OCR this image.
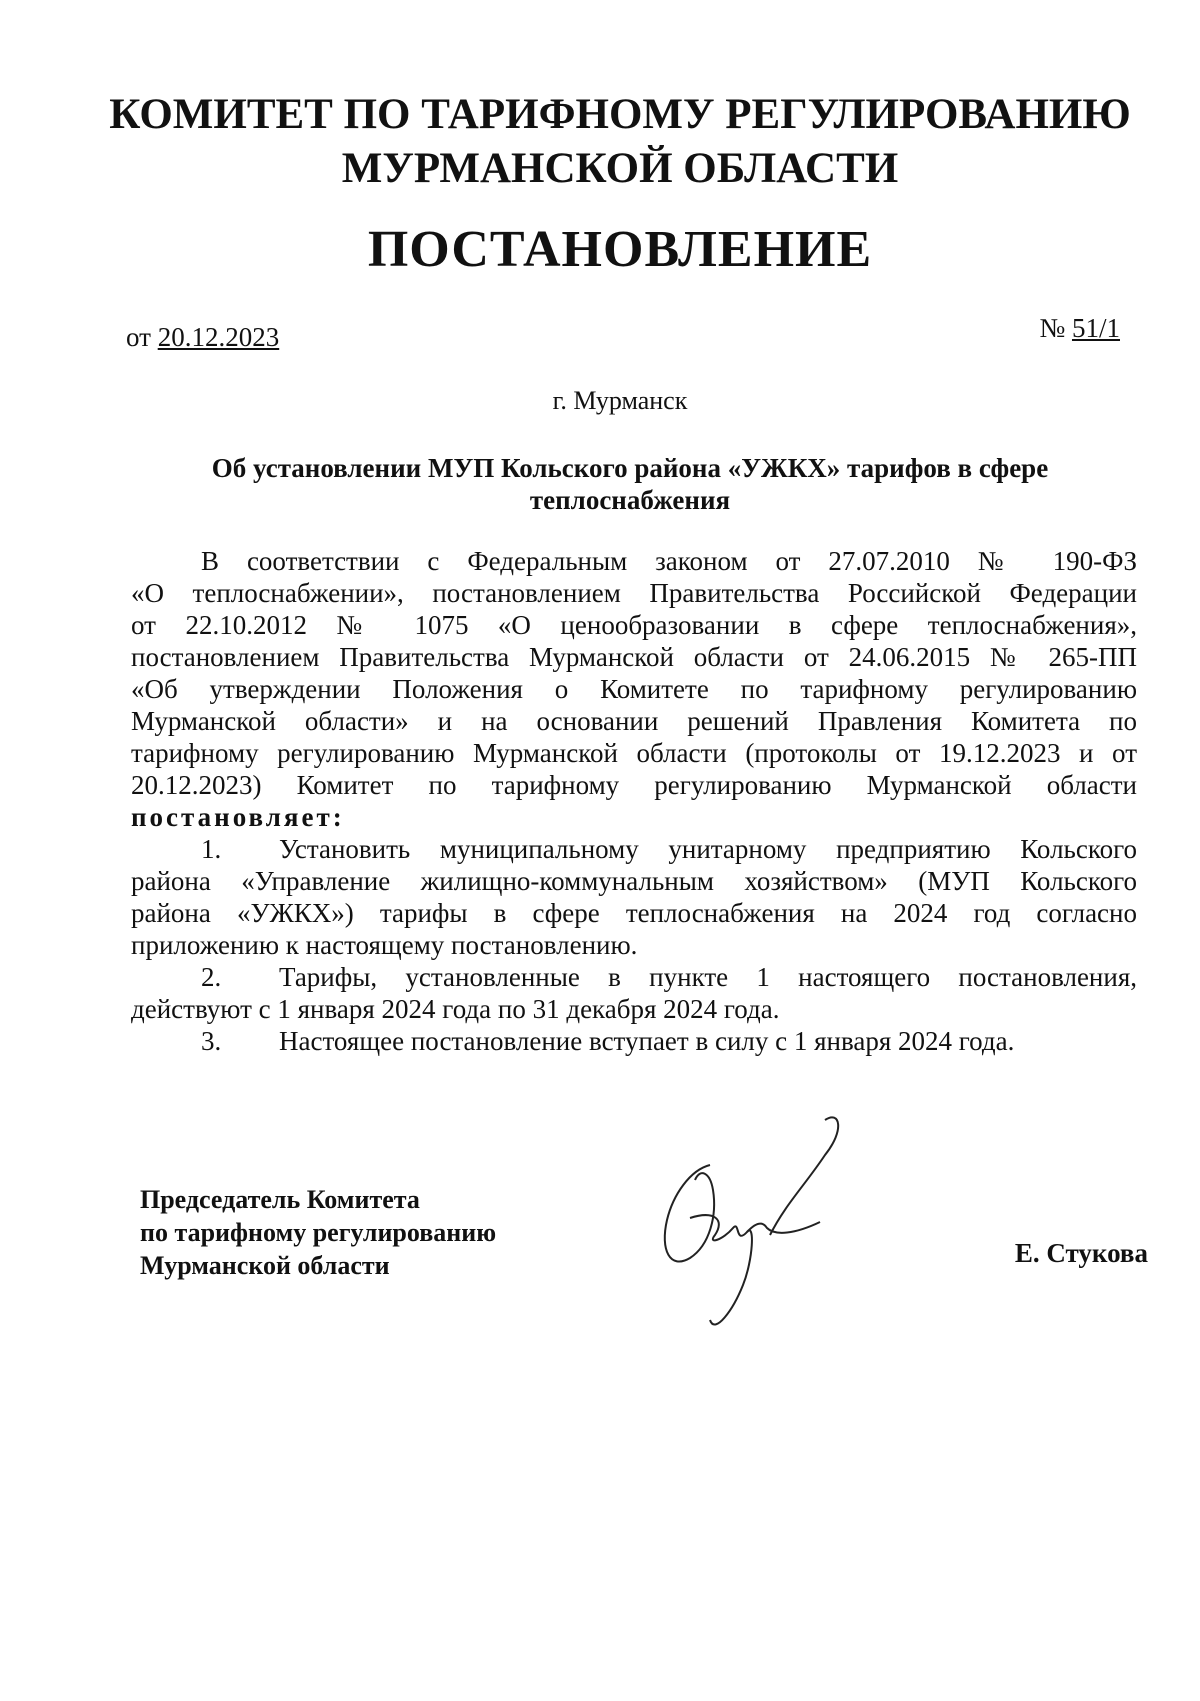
КОМИТЕТ ПО ТАРИФНОМУ РЕГУЛИРОВАНИЮ
МУРМАНСКОЙ ОБЛАСТИ
ПОСТАНОВЛЕНИЕ
от 20.12.2023	№ 51/1
г. Мурманск
Об установлении МУП Кольского района «УЖКХ» тарифов в сфере
теплоснабжения

В соответствии с Федеральным законом от 27.07.2010 № 190-ФЗ

«О теплоснабжении», постановлением Правительства Российской Федерации

от 22.10.2012 № 1075 «О ценообразовании в сфере теплоснабжения»,

постановлением Правительства Мурманской области от 24.06.2015 № 265-ПП

«Об утверждении Положения о Комитете по тарифному регулированию

Мурманской области» и на основании решений Правления Комитета по

тарифному регулированию Мурманской области (протоколы от 19.12.2023 и от

20.12.2023) Комитет по тарифному регулированию Мурманской области

постановляет:

1. Установить муниципальному унитарному предприятию Кольского

района «Управление жилищно-коммунальным хозяйством» (МУП Кольского

района «УЖКХ») тарифы в сфере теплоснабжения на 2024 год согласно

приложению к настоящему постановлению.

2. Тарифы, установленные в пункте 1 настоящего постановления,

действуют с 1 января 2024 года по 31 декабря 2024 года.

3. Настоящее постановление вступает в силу с 1 января 2024 года.

Председатель Комитета
по тарифному регулированию
Мурманской области	Е. Стукова
